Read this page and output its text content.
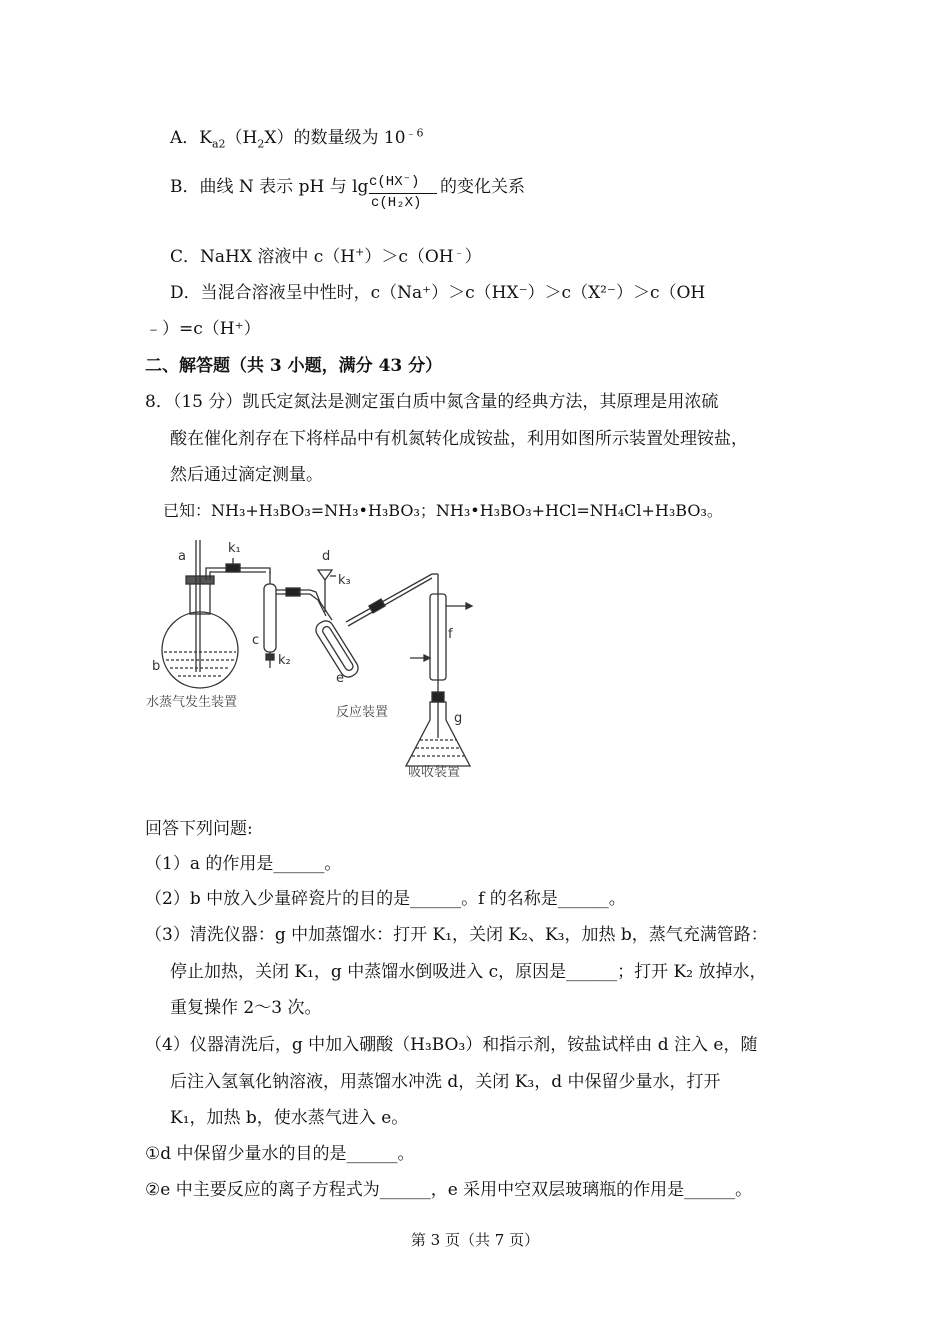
A．$K_{a2}(H_2X)$的数量级为 $10^{﹣6}$
B．曲线 N 表示 pH 与 lg c(HX⁻)
c(H₂X)
的变化关系
C．NaHX 溶液中 c（H+）＞c（OH﹣）
D．当混合溶液呈中性时，c（Na⁺）＞c（HX⁻）＞c（X²⁻）＞c（OH
﹣）=c（H⁺）
二、解答题（共 3 小题，满分 43 分）
8．（15 分）凯氏定氮法是测定蛋白质中氮含量的经典方法，其原理是用浓硫
酸在催化剂存在下将样品中有机氮转化成铵盐，利用如图所示装置处理铵盐，
然后通过滴定测量。
已知：NH₃+H₃BO₃=NH₃•H₃BO₃；NH₃•H₃BO₃+HCl=NH₄Cl+H₃BO₃。
a
b
c
d
e
f
g
k₁
k₂
k₃
水蒸气发生装置
反应装置
吸收装置
回答下列问题:
（1）a 的作用是______。
（2）b 中放入少量碎瓷片的目的是______。f 的名称是______。
（3）清洗仪器：g 中加蒸馏水：打开 K₁，关闭 K₂、K₃，加热 b，蒸气充满管路：
停止加热，关闭 K₁，g 中蒸馏水倒吸进入 c，原因是______；打开 K₂ 放掉水，
重复操作 2～3 次。
（4）仪器清洗后，g 中加入硼酸（H₃BO₃）和指示剂，铵盐试样由 d 注入 e，随
后注入氢氧化钠溶液，用蒸馏水冲洗 d，关闭 K₃，d 中保留少量水，打开
K₁，加热 b，使水蒸气进入 e。
①d 中保留少量水的目的是______。
②e 中主要反应的离子方程式为______，e 采用中空双层玻璃瓶的作用是______。
第 3 页（共 7 页）
